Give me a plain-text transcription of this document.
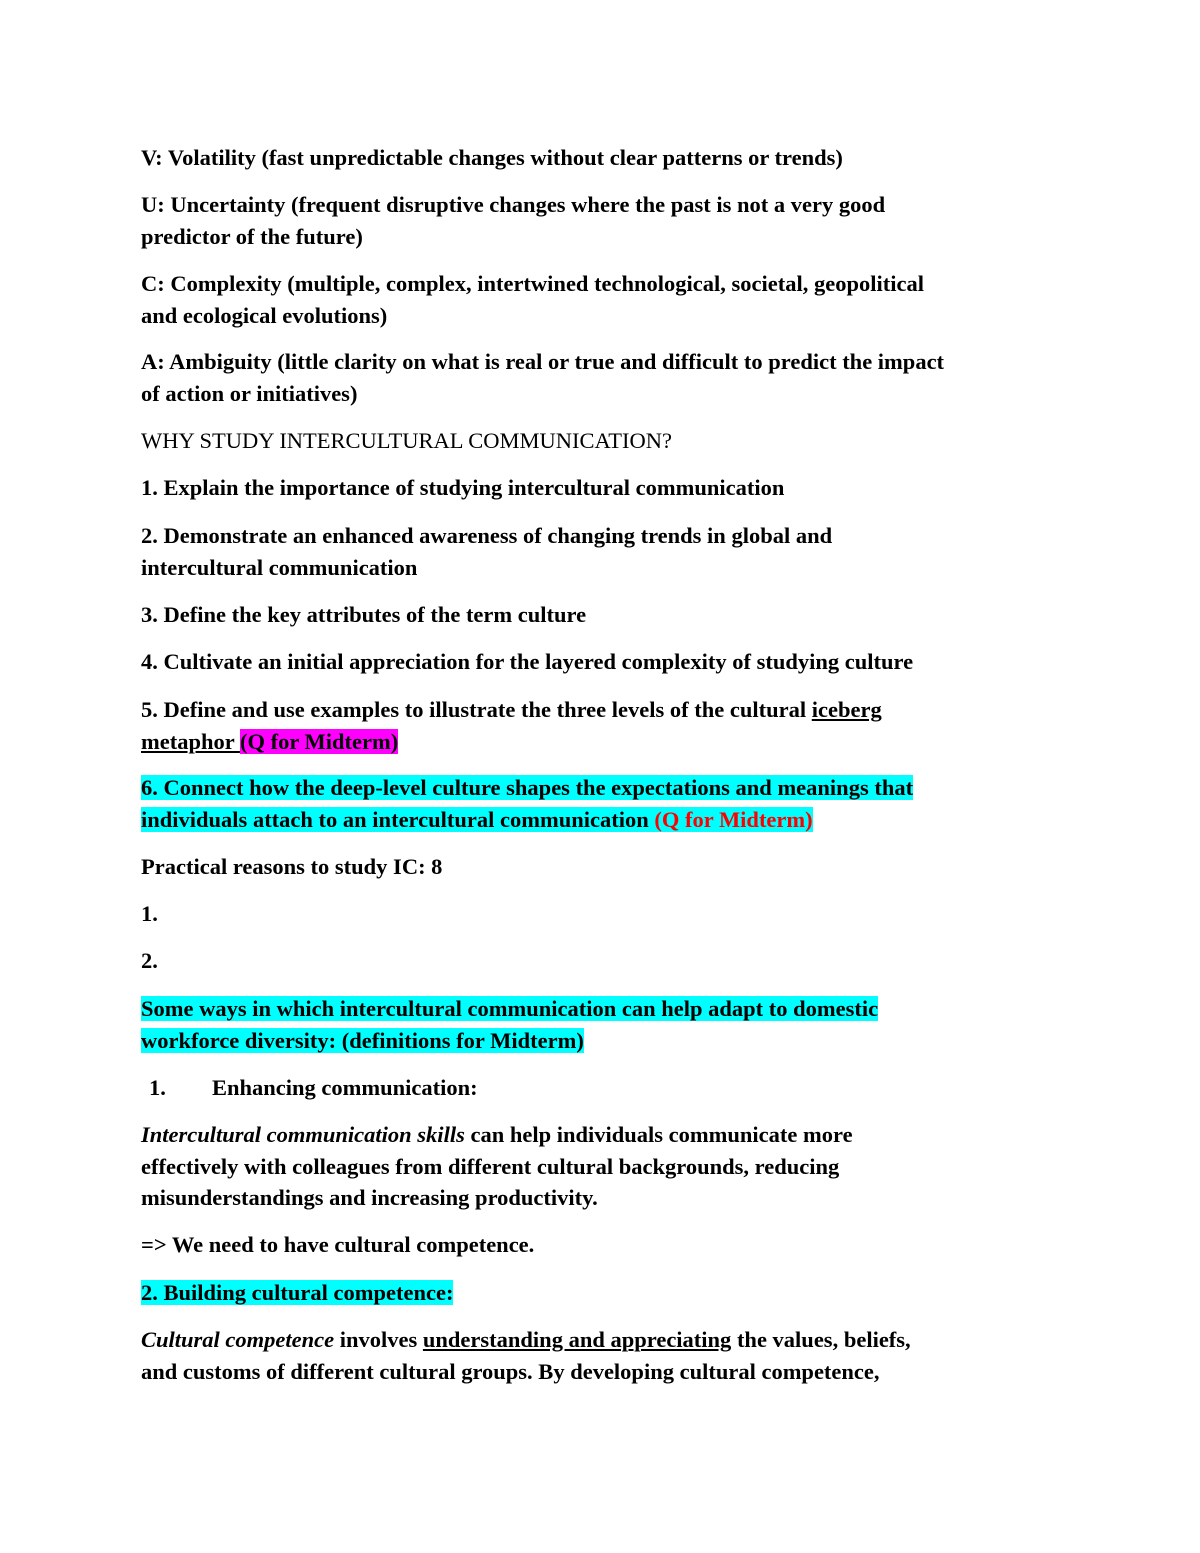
V: Volatility (fast unpredictable changes without clear patterns or trends)

U: Uncertainty (frequent disruptive changes where the past is not a very good
predictor of the future)

C: Complexity (multiple, complex, intertwined technological, societal, geopolitical
and ecological evolutions)

A: Ambiguity (little clarity on what is real or true and difficult to predict the impact
of action or initiatives)

WHY STUDY INTERCULTURAL COMMUNICATION?

1. Explain the importance of studying intercultural communication

2. Demonstrate an enhanced awareness of changing trends in global and
intercultural communication

3. Define the key attributes of the term culture

4. Cultivate an initial appreciation for the layered complexity of studying culture

5. Define and use examples to illustrate the three levels of the cultural iceberg
metaphor (Q for Midterm)

6. Connect how the deep-level culture shapes the expectations and meanings that
individuals attach to an intercultural communication (Q for Midterm)

Practical reasons to study IC: 8

1.

2.

Some ways in which intercultural communication can help adapt to domestic
workforce diversity: (definitions for Midterm)

1. Enhancing communication:

Intercultural communication skills can help individuals communicate more
effectively with colleagues from different cultural backgrounds, reducing
misunderstandings and increasing productivity.

=> We need to have cultural competence.

2. Building cultural competence:

Cultural competence involves understanding and appreciating the values, beliefs,
and customs of different cultural groups. By developing cultural competence,
